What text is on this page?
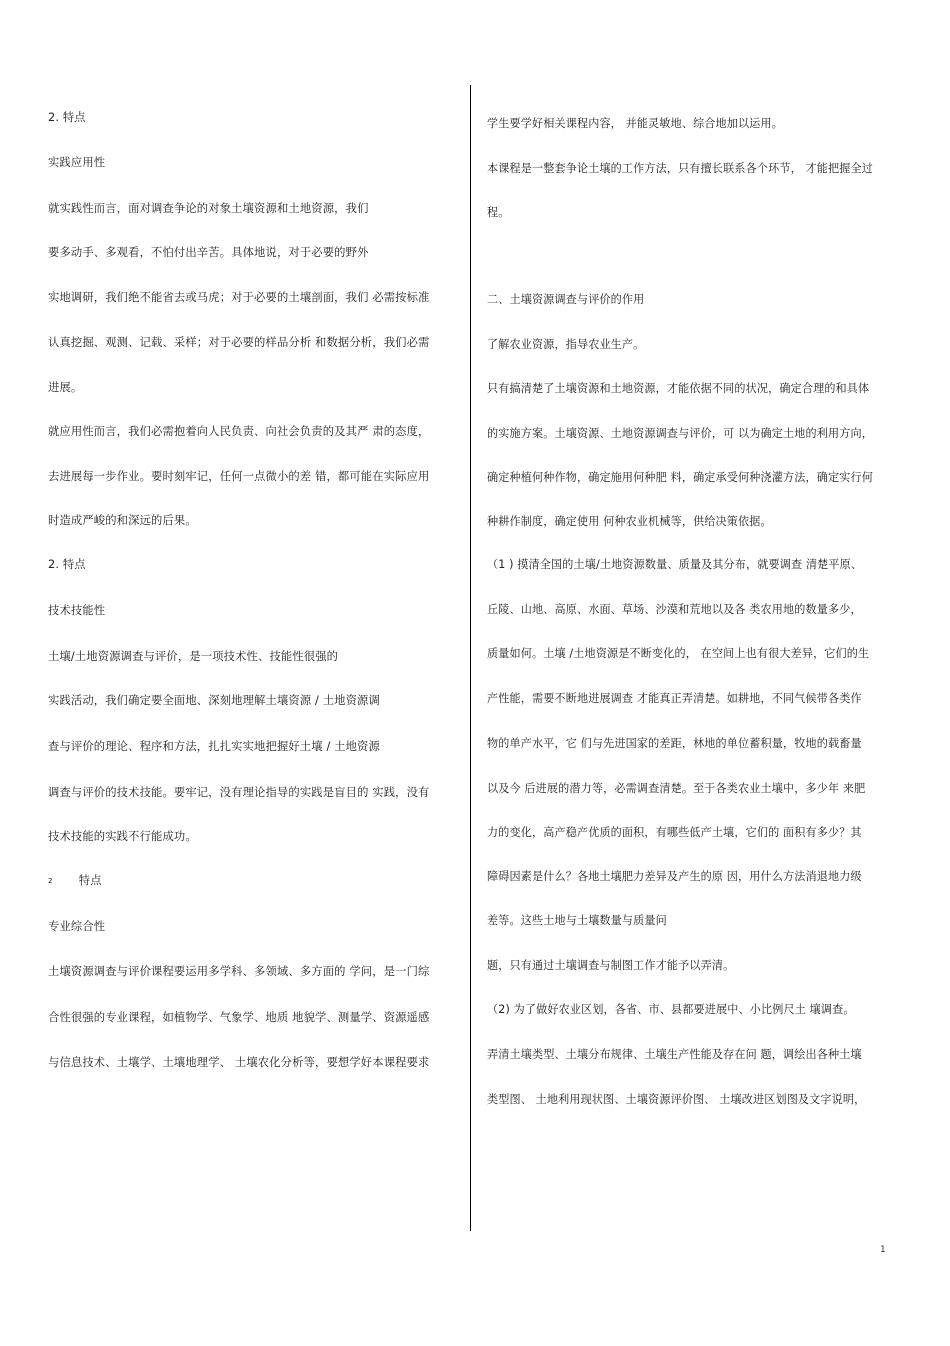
2. 特点
实践应用性
就实践性而言，面对调查争论的对象土壤资源和土地资源，我们
要多动手、多观看，不怕付出辛苦。具体地说，对于必要的野外
实地调研，我们绝不能省去或马虎；对于必要的土壤剖面，我们 必需按标准
认真挖掘、观测、记载、采样；对于必要的样品分析 和数据分析，我们必需
进展。
就应用性而言，我们必需抱着向人民负责、向社会负责的及其严 肃的态度，
去进展每一步作业。要时刻牢记，任何一点微小的差 错，都可能在实际应用
时造成严峻的和深远的后果。
2. 特点
技术技能性
土壤/土地资源调查与评价，是一项技术性、技能性很强的
实践活动，我们确定要全面地、深刻地理解土壤资源 / 土地资源调
查与评价的理论、程序和方法，扎扎实实地把握好土壤 / 土地资源
调查与评价的技术技能。要牢记，没有理论指导的实践是盲目的 实践，没有
技术技能的实践不行能成功。
$^2$ 特点
专业综合性
土壤资源调查与评价课程要运用多学科、多领域、多方面的 学问，是一门综
合性很强的专业课程，如植物学、气象学、地质 地貌学、测量学、资源遥感
与信息技术、土壤学、土壤地理学、 土壤农化分析等，要想学好本课程要求
学生要学好相关课程内容， 并能灵敏地、综合地加以运用。
本课程是一整套争论土壤的工作方法，只有擅长联系各个环节， 才能把握全过
程。
二、土壤资源调查与评价的作用
了解农业资源，指导农业生产。
只有搞清楚了土壤资源和土地资源，才能依据不同的状况，确定合理的和具体
的实施方案。土壤资源、土地资源调查与评价，可 以为确定土地的利用方向，
确定种植何种作物，确定施用何种肥 料，确定承受何种浇灌方法，确定实行何
种耕作制度，确定使用 何种农业机械等，供给决策依据。
（1 ) 摸清全国的土壤/土地资源数量、质量及其分布，就要调查 清楚平原、
丘陵、山地、高原、水面、草场、沙漠和荒地以及各 类农用地的数量多少，
质量如何。土壤 /土地资源是不断变化的， 在空间上也有很大差异，它们的生
产性能，需要不断地进展调查 才能真正弄清楚。如耕地，不同气候带各类作
物的单产水平，它 们与先进国家的差距，林地的单位蓄积量，牧地的载畜量
以及今 后进展的潜力等，必需调查清楚。至于各类农业土壤中，多少年 来肥
力的变化，高产稳产优质的面积，有哪些低产土壤，它们的 面积有多少？其
障碍因素是什么？各地土壤肥力差异及产生的原 因，用什么方法消退地力级
差等。这些土地与土壤数量与质量问
题，只有通过土壤调查与制图工作才能予以弄清。
（2) 为了做好农业区划，各省、市、县都要进展中、小比例尺土 壤调查。
弄清土壤类型、土壤分布规律、土壤生产性能及存在问 题，调绘出各种土壤
类型图、 土地利用现状图、土壤资源评价图、 土壤改进区划图及文字说明，
1
